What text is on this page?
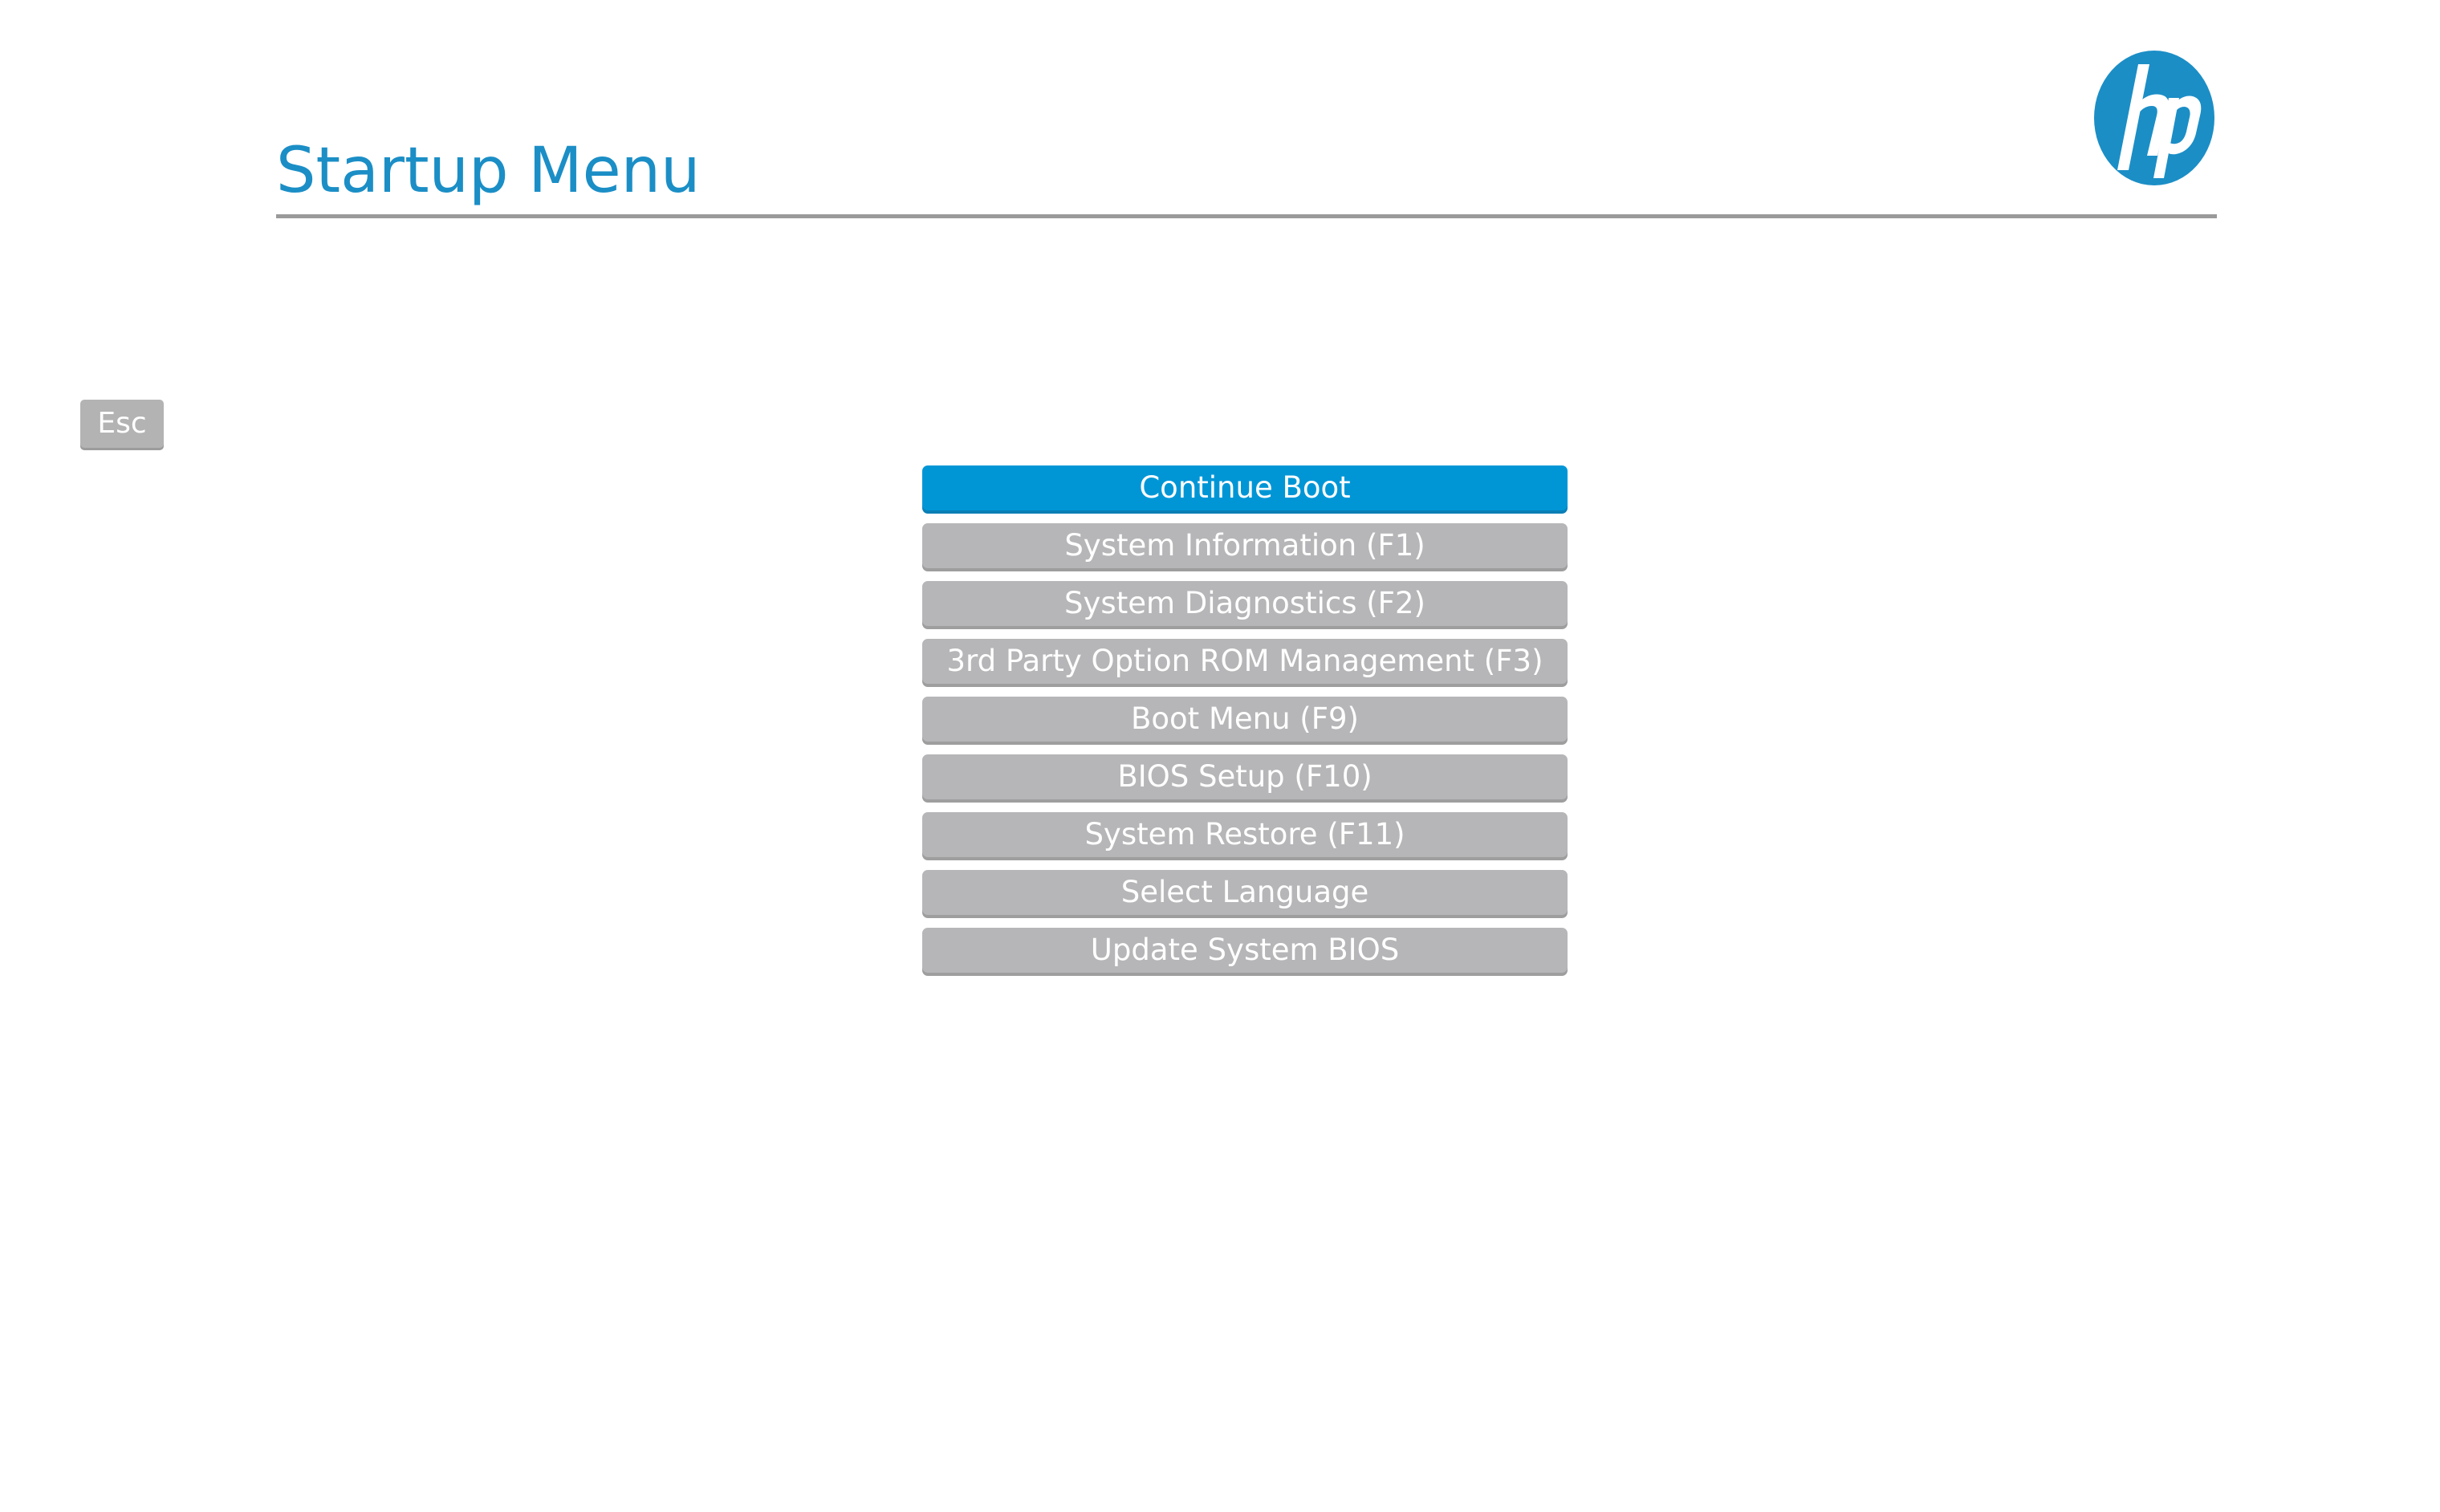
Startup Menu
Esc
Continue Boot
System Information (F1)
System Diagnostics (F2)
3rd Party Option ROM Management (F3)
Boot Menu (F9)
BIOS Setup (F10)
System Restore (F11)
Select Language
Update System BIOS
